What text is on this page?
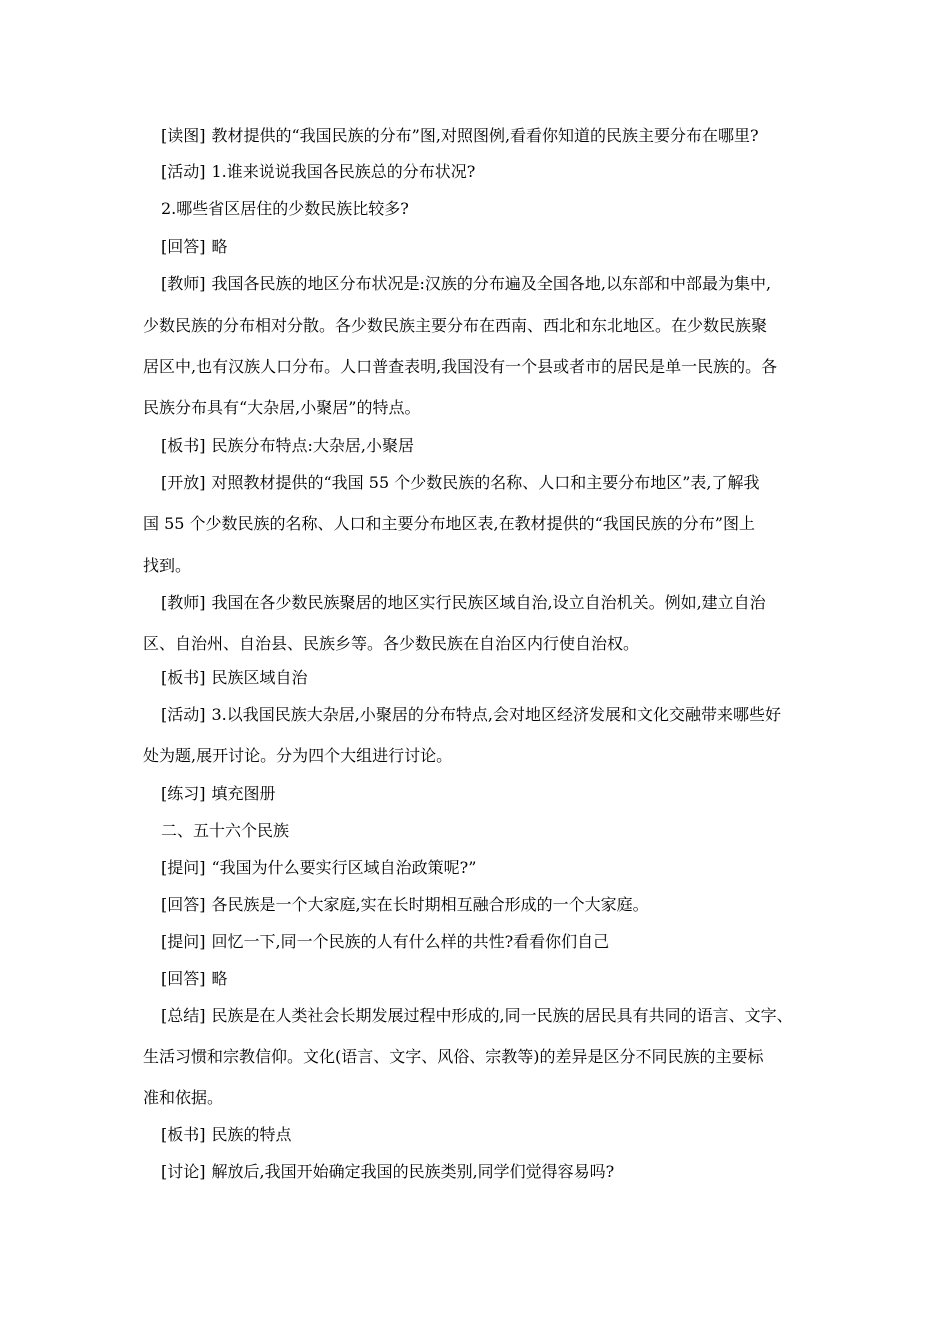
[读图] 教材提供的“我国民族的分布”图,对照图例,看看你知道的民族主要分布在哪里?
[活动] 1.谁来说说我国各民族总的分布状况?
2.哪些省区居住的少数民族比较多?
[回答] 略
[教师] 我国各民族的地区分布状况是:汉族的分布遍及全国各地,以东部和中部最为集中,
少数民族的分布相对分散。各少数民族主要分布在西南、西北和东北地区。在少数民族聚
居区中,也有汉族人口分布。人口普查表明,我国没有一个县或者市的居民是单一民族的。各
民族分布具有“大杂居,小聚居”的特点。
[板书] 民族分布特点:大杂居,小聚居
[开放] 对照教材提供的“我国 55 个少数民族的名称、人口和主要分布地区”表,了解我
国 55 个少数民族的名称、人口和主要分布地区表,在教材提供的“我国民族的分布”图上
找到。
[教师] 我国在各少数民族聚居的地区实行民族区域自治,设立自治机关。例如,建立自治
区、自治州、自治县、民族乡等。各少数民族在自治区内行使自治权。
[板书] 民族区域自治
[活动] 3.以我国民族大杂居,小聚居的分布特点,会对地区经济发展和文化交融带来哪些好
处为题,展开讨论。分为四个大组进行讨论。
[练习] 填充图册
二、五十六个民族
[提问] “我国为什么要实行区域自治政策呢?”
[回答] 各民族是一个大家庭,实在长时期相互融合形成的一个大家庭。
[提问] 回忆一下,同一个民族的人有什么样的共性?看看你们自己
[回答] 略
[总结] 民族是在人类社会长期发展过程中形成的,同一民族的居民具有共同的语言、文字、
生活习惯和宗教信仰。文化(语言、文字、风俗、宗教等)的差异是区分不同民族的主要标
准和依据。
[板书] 民族的特点
[讨论] 解放后,我国开始确定我国的民族类别,同学们觉得容易吗?
